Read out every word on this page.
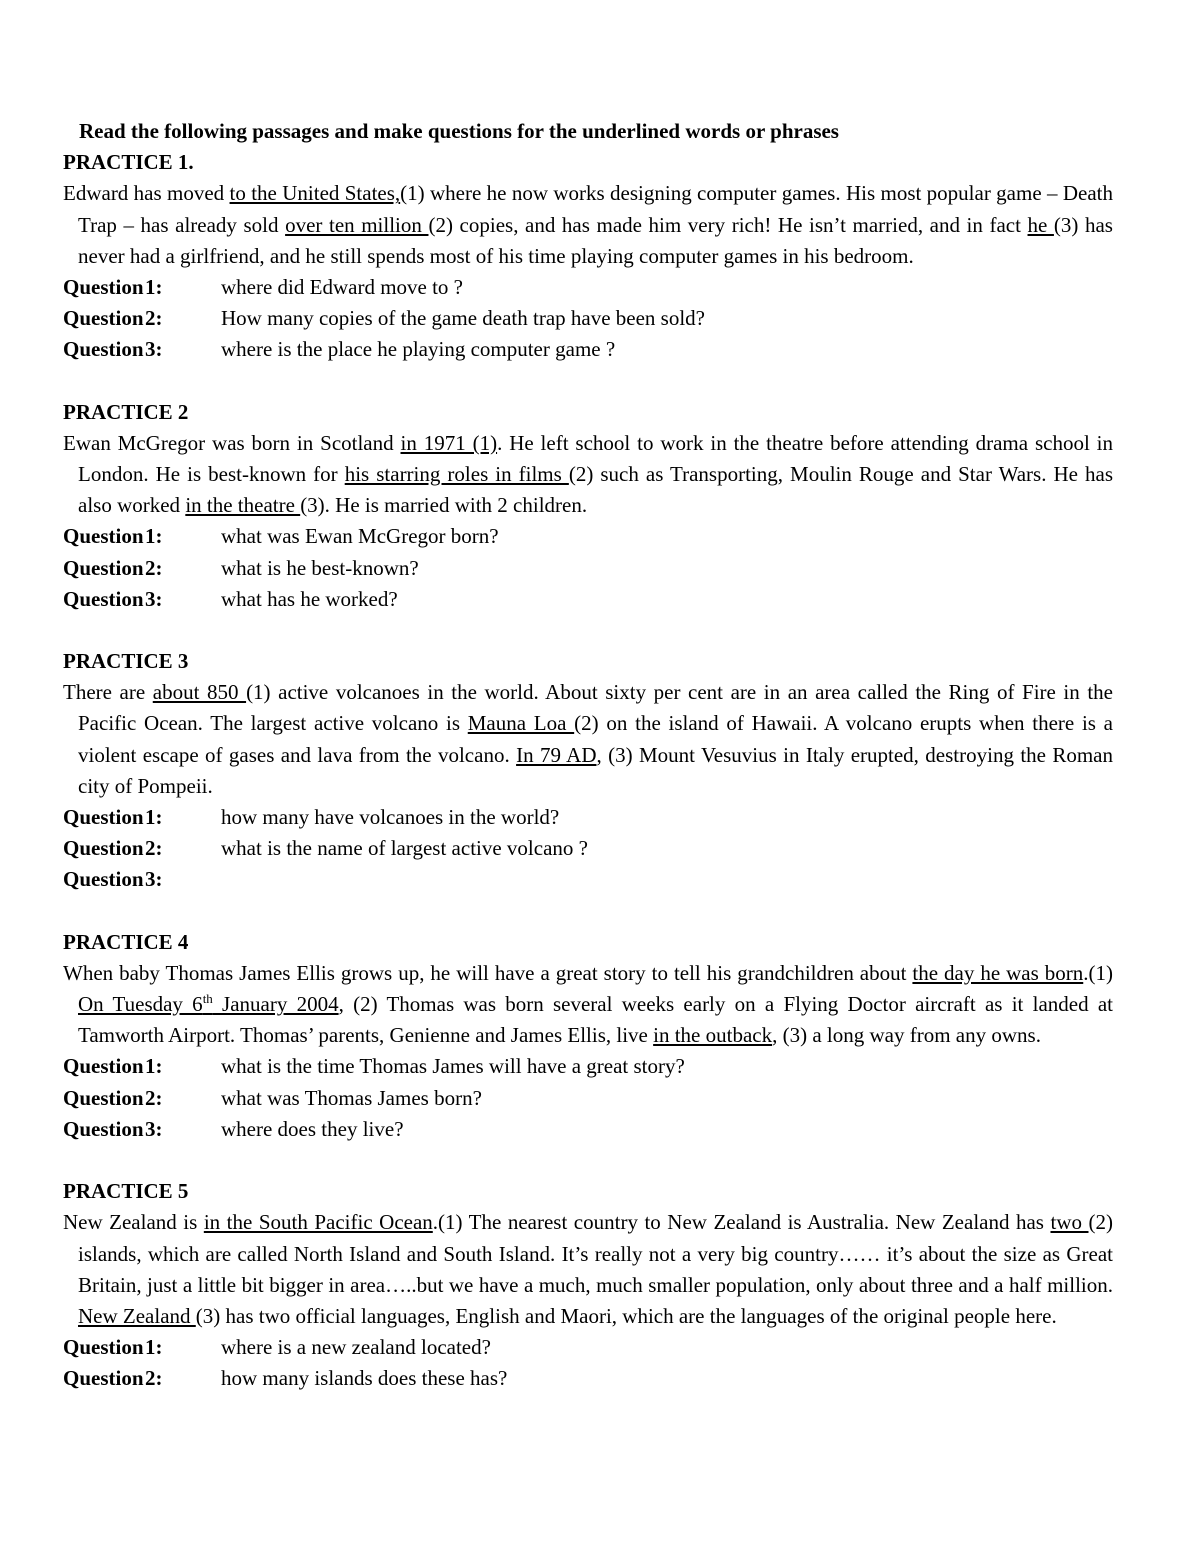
Read the following passages and make questions for the underlined words or phrases
PRACTICE 1.
Edward has moved to the United States,(1) where he now works designing computer games. His most popular game – Death Trap – has already sold over ten million (2) copies, and has made him very rich! He isn’t married, and in fact he (3) has never had a girlfriend, and he still spends most of his time playing computer games in his bedroom.
Question 1:	where did Edward move to ?
Question 2:	How many copies of the game death trap have been sold?
Question 3:	where is the place he playing computer game ?
PRACTICE 2
Ewan McGregor was born in Scotland in 1971 (1). He left school to work in the theatre before attending drama school in London. He is best-known for his starring roles in films (2) such as Transporting, Moulin Rouge and Star Wars. He has also worked in the theatre (3). He is married with 2 children.
Question 1:	what was Ewan McGregor born?
Question 2:	what is he best-known?
Question 3:	what has he worked?
PRACTICE 3
There are about 850 (1) active volcanoes in the world. About sixty per cent are in an area called the Ring of Fire in the Pacific Ocean. The largest active volcano is Mauna Loa (2) on the island of Hawaii. A volcano erupts when there is a violent escape of gases and lava from the volcano. In 79 AD, (3) Mount Vesuvius in Italy erupted, destroying the Roman city of Pompeii.
Question 1:	how many have volcanoes in the world?
Question 2:	what is the name of largest active volcano ?
Question 3:
PRACTICE 4
When baby Thomas James Ellis grows up, he will have a great story to tell his grandchildren about the day he was born.(1) On Tuesday 6th January 2004, (2) Thomas was born several weeks early on a Flying Doctor aircraft as it landed at Tamworth Airport. Thomas’ parents, Genienne and James Ellis, live in the outback, (3) a long way from any owns.
Question 1:	what is the time Thomas James will have a great story?
Question 2:	what was Thomas James born?
Question 3:	where does they live?
PRACTICE 5
New Zealand is in the South Pacific Ocean.(1) The nearest country to New Zealand is Australia. New Zealand has two (2) islands, which are called North Island and South Island. It’s really not a very big country…… it’s about the size as Great Britain, just a little bit bigger in area…..but we have a much, much smaller population, only about three and a half million. New Zealand (3) has two official languages, English and Maori, which are the languages of the original people here.
Question 1:	where is a new zealand located?
Question 2:	how many islands does these has?
